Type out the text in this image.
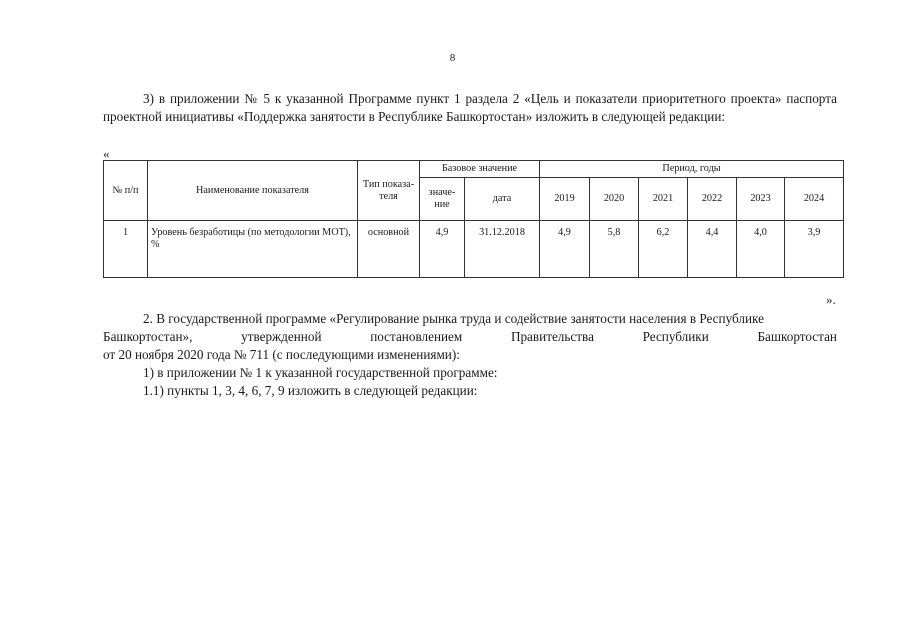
8
3) в приложении № 5 к указанной Программе пункт 1 раздела 2 «Цель и показатели приоритетного проекта» паспорта проектной инициативы «Поддержка занятости в Республике Башкортостан» изложить в следующей редакции:
«
№ п/п	Наименование показателя	Тип показа-теля	Базовое значение		Период, годы					
			значе-ние	дата	2019	2020	2021	2022	2023	2024
1	Уровень безработицы (по методологии МОТ), %	основной	4,9	31.12.2018	4,9	5,8	6,2	4,4	4,0	3,9
».
2. В государственной программе «Регулирование рынка труда и содействие занятости населения в Республике
Башкортостан», утвержденной постановлением Правительства Республики Башкортостан
от 20 ноября 2020 года № 711 (с последующими изменениями):
1) в приложении № 1 к указанной государственной программе:
1.1) пункты 1, 3, 4, 6, 7, 9 изложить в следующей редакции:
